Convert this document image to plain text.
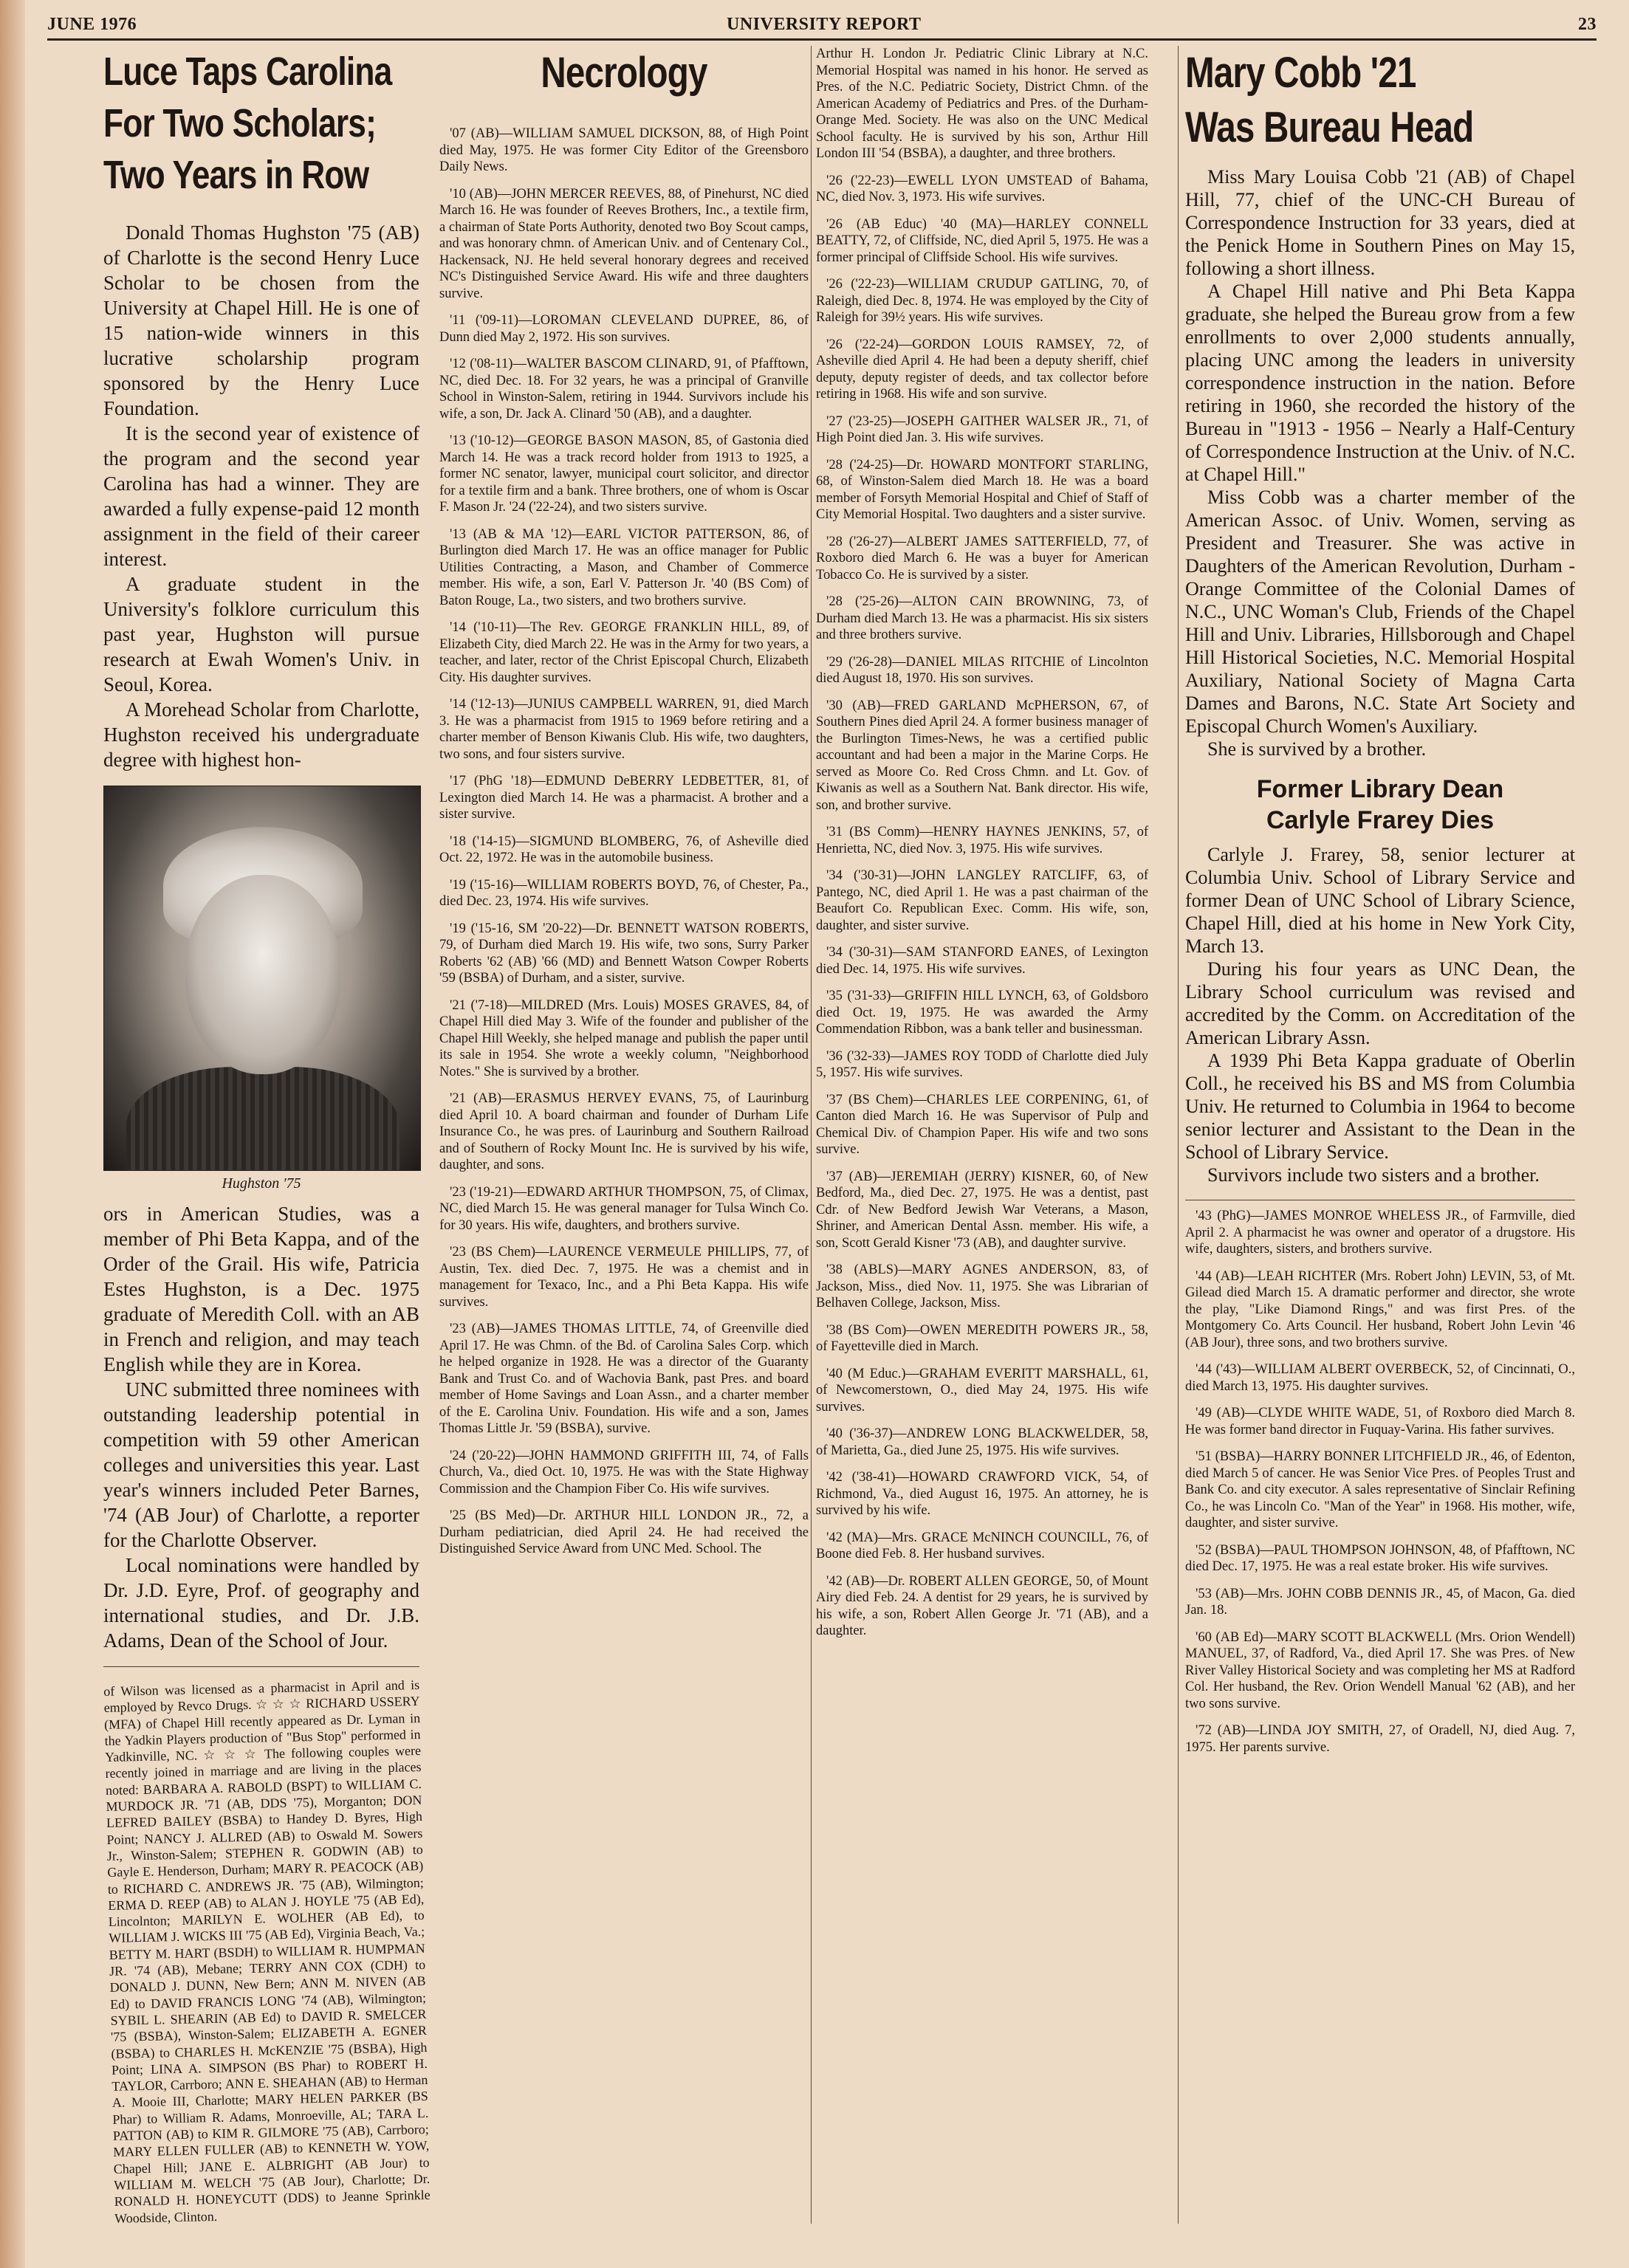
JUNE 1976	UNIVERSITY REPORT	23
Luce Taps Carolina
For Two Scholars;
Two Years in Row

Donald Thomas Hughston '75 (AB) of Charlotte is the second Henry Luce Scholar to be chosen from the University at Chapel Hill. He is one of 15 nation-wide winners in this lucrative scholarship program sponsored by the Henry Luce Foundation.

It is the second year of existence of the program and the second year Carolina has had a winner. They are awarded a fully expense-paid 12 month assignment in the field of their career interest.

A graduate student in the University's folklore curriculum this past year, Hughston will pursue research at Ewah Women's Univ. in Seoul, Korea.

A Morehead Scholar from Charlotte, Hughston received his undergraduate degree with highest hon-

Hughston '75

ors in American Studies, was a member of Phi Beta Kappa, and of the Order of the Grail. His wife, Patricia Estes Hughston, is a Dec. 1975 graduate of Meredith Coll. with an AB in French and religion, and may teach English while they are in Korea.

UNC submitted three nominees with outstanding leadership potential in competition with 59 other American colleges and universities this year. Last year's winners included Peter Barnes, '74 (AB Jour) of Charlotte, a reporter for the Charlotte Observer.

Local nominations were handled by Dr. J.D. Eyre, Prof. of geography and international studies, and Dr. J.B. Adams, Dean of the School of Jour.

of Wilson was licensed as a pharmacist in April and is employed by Revco Drugs. ☆ ☆ ☆ RICHARD USSERY (MFA) of Chapel Hill recently appeared as Dr. Lyman in the Yadkin Players production of "Bus Stop" performed in Yadkinville, NC. ☆ ☆ ☆ The following couples were recently joined in marriage and are living in the places noted: BARBARA A. RABOLD (BSPT) to WILLIAM C. MURDOCK JR. '71 (AB, DDS '75), Morganton; DON LEFRED BAILEY (BSBA) to Handey D. Byres, High Point; NANCY J. ALLRED (AB) to Oswald M. Sowers Jr., Winston-Salem; STEPHEN R. GODWIN (AB) to Gayle E. Henderson, Durham; MARY R. PEACOCK (AB) to RICHARD C. ANDREWS JR. '75 (AB), Wilmington; ERMA D. REEP (AB) to ALAN J. HOYLE '75 (AB Ed), Lincolnton; MARILYN E. WOLHER (AB Ed), to WILLIAM J. WICKS III '75 (AB Ed), Virginia Beach, Va.; BETTY M. HART (BSDH) to WILLIAM R. HUMPMAN JR. '74 (AB), Mebane; TERRY ANN COX (CDH) to DONALD J. DUNN, New Bern; ANN M. NIVEN (AB Ed) to DAVID FRANCIS LONG '74 (AB), Wilmington; SYBIL L. SHEARIN (AB Ed) to DAVID R. SMELCER '75 (BSBA), Winston-Salem; ELIZABETH A. EGNER (BSBA) to CHARLES H. McKENZIE '75 (BSBA), High Point; LINA A. SIMPSON (BS Phar) to ROBERT H. TAYLOR, Carrboro; ANN E. SHEAHAN (AB) to Herman A. Mooie III, Charlotte; MARY HELEN PARKER (BS Phar) to William R. Adams, Monroeville, AL; TARA L. PATTON (AB) to KIM R. GILMORE '75 (AB), Carrboro; MARY ELLEN FULLER (AB) to KENNETH W. YOW, Chapel Hill; JANE E. ALBRIGHT (AB Jour) to WILLIAM M. WELCH '75 (AB Jour), Charlotte; Dr. RONALD H. HONEYCUTT (DDS) to Jeanne Sprinkle Woodside, Clinton.

Necrology

'07 (AB)—WILLIAM SAMUEL DICKSON, 88, of High Point died May, 1975. He was former City Editor of the Greensboro Daily News.

'10 (AB)—JOHN MERCER REEVES, 88, of Pinehurst, NC died March 16. He was founder of Reeves Brothers, Inc., a textile firm, a chairman of State Ports Authority, denoted two Boy Scout camps, and was honorary chmn. of American Univ. and of Centenary Col., Hackensack, NJ. He held several honorary degrees and received NC's Distinguished Service Award. His wife and three daughters survive.

'11 ('09-11)—LOROMAN CLEVELAND DUPREE, 86, of Dunn died May 2, 1972. His son survives.

'12 ('08-11)—WALTER BASCOM CLINARD, 91, of Pfafftown, NC, died Dec. 18. For 32 years, he was a principal of Granville School in Winston-Salem, retiring in 1944. Survivors include his wife, a son, Dr. Jack A. Clinard '50 (AB), and a daughter.

'13 ('10-12)—GEORGE BASON MASON, 85, of Gastonia died March 14. He was a track record holder from 1913 to 1925, a former NC senator, lawyer, municipal court solicitor, and director for a textile firm and a bank. Three brothers, one of whom is Oscar F. Mason Jr. '24 ('22-24), and two sisters survive.

'13 (AB & MA '12)—EARL VICTOR PATTERSON, 86, of Burlington died March 17. He was an office manager for Public Utilities Contracting, a Mason, and Chamber of Commerce member. His wife, a son, Earl V. Patterson Jr. '40 (BS Com) of Baton Rouge, La., two sisters, and two brothers survive.

'14 ('10-11)—The Rev. GEORGE FRANKLIN HILL, 89, of Elizabeth City, died March 22. He was in the Army for two years, a teacher, and later, rector of the Christ Episcopal Church, Elizabeth City. His daughter survives.

'14 ('12-13)—JUNIUS CAMPBELL WARREN, 91, died March 3. He was a pharmacist from 1915 to 1969 before retiring and a charter member of Benson Kiwanis Club. His wife, two daughters, two sons, and four sisters survive.

'17 (PhG '18)—EDMUND DeBERRY LEDBETTER, 81, of Lexington died March 14. He was a pharmacist. A brother and a sister survive.

'18 ('14-15)—SIGMUND BLOMBERG, 76, of Asheville died Oct. 22, 1972. He was in the automobile business.

'19 ('15-16)—WILLIAM ROBERTS BOYD, 76, of Chester, Pa., died Dec. 23, 1974. His wife survives.

'19 ('15-16, SM '20-22)—Dr. BENNETT WATSON ROBERTS, 79, of Durham died March 19. His wife, two sons, Surry Parker Roberts '62 (AB) '66 (MD) and Bennett Watson Cowper Roberts '59 (BSBA) of Durham, and a sister, survive.

'21 ('7-18)—MILDRED (Mrs. Louis) MOSES GRAVES, 84, of Chapel Hill died May 3. Wife of the founder and publisher of the Chapel Hill Weekly, she helped manage and publish the paper until its sale in 1954. She wrote a weekly column, "Neighborhood Notes." She is survived by a brother.

'21 (AB)—ERASMUS HERVEY EVANS, 75, of Laurinburg died April 10. A board chairman and founder of Durham Life Insurance Co., he was pres. of Laurinburg and Southern Railroad and of Southern of Rocky Mount Inc. He is survived by his wife, daughter, and sons.

'23 ('19-21)—EDWARD ARTHUR THOMPSON, 75, of Climax, NC, died March 15. He was general manager for Tulsa Winch Co. for 30 years. His wife, daughters, and brothers survive.

'23 (BS Chem)—LAURENCE VERMEULE PHILLIPS, 77, of Austin, Tex. died Dec. 7, 1975. He was a chemist and in management for Texaco, Inc., and a Phi Beta Kappa. His wife survives.

'23 (AB)—JAMES THOMAS LITTLE, 74, of Greenville died April 17. He was Chmn. of the Bd. of Carolina Sales Corp. which he helped organize in 1928. He was a director of the Guaranty Bank and Trust Co. and of Wachovia Bank, past Pres. and board member of Home Savings and Loan Assn., and a charter member of the E. Carolina Univ. Foundation. His wife and a son, James Thomas Little Jr. '59 (BSBA), survive.

'24 ('20-22)—JOHN HAMMOND GRIFFITH III, 74, of Falls Church, Va., died Oct. 10, 1975. He was with the State Highway Commission and the Champion Fiber Co. His wife survives.

'25 (BS Med)—Dr. ARTHUR HILL LONDON JR., 72, a Durham pediatrician, died April 24. He had received the Distinguished Service Award from UNC Med. School. The

Arthur H. London Jr. Pediatric Clinic Library at N.C. Memorial Hospital was named in his honor. He served as Pres. of the N.C. Pediatric Society, District Chmn. of the American Academy of Pediatrics and Pres. of the Durham-Orange Med. Society. He was also on the UNC Medical School faculty. He is survived by his son, Arthur Hill London III '54 (BSBA), a daughter, and three brothers.

'26 ('22-23)—EWELL LYON UMSTEAD of Bahama, NC, died Nov. 3, 1973. His wife survives.

'26 (AB Educ) '40 (MA)—HARLEY CONNELL BEATTY, 72, of Cliffside, NC, died April 5, 1975. He was a former principal of Cliffside School. His wife survives.

'26 ('22-23)—WILLIAM CRUDUP GATLING, 70, of Raleigh, died Dec. 8, 1974. He was employed by the City of Raleigh for 39½ years. His wife survives.

'26 ('22-24)—GORDON LOUIS RAMSEY, 72, of Asheville died April 4. He had been a deputy sheriff, chief deputy, deputy register of deeds, and tax collector before retiring in 1968. His wife and son survive.

'27 ('23-25)—JOSEPH GAITHER WALSER JR., 71, of High Point died Jan. 3. His wife survives.

'28 ('24-25)—Dr. HOWARD MONTFORT STARLING, 68, of Winston-Salem died March 18. He was a board member of Forsyth Memorial Hospital and Chief of Staff of City Memorial Hospital. Two daughters and a sister survive.

'28 ('26-27)—ALBERT JAMES SATTERFIELD, 77, of Roxboro died March 6. He was a buyer for American Tobacco Co. He is survived by a sister.

'28 ('25-26)—ALTON CAIN BROWNING, 73, of Durham died March 13. He was a pharmacist. His six sisters and three brothers survive.

'29 ('26-28)—DANIEL MILAS RITCHIE of Lincolnton died August 18, 1970. His son survives.

'30 (AB)—FRED GARLAND McPHERSON, 67, of Southern Pines died April 24. A former business manager of the Burlington Times-News, he was a certified public accountant and had been a major in the Marine Corps. He served as Moore Co. Red Cross Chmn. and Lt. Gov. of Kiwanis as well as a Southern Nat. Bank director. His wife, son, and brother survive.

'31 (BS Comm)—HENRY HAYNES JENKINS, 57, of Henrietta, NC, died Nov. 3, 1975. His wife survives.

'34 ('30-31)—JOHN LANGLEY RATCLIFF, 63, of Pantego, NC, died April 1. He was a past chairman of the Beaufort Co. Republican Exec. Comm. His wife, son, daughter, and sister survive.

'34 ('30-31)—SAM STANFORD EANES, of Lexington died Dec. 14, 1975. His wife survives.

'35 ('31-33)—GRIFFIN HILL LYNCH, 63, of Goldsboro died Oct. 19, 1975. He was awarded the Army Commendation Ribbon, was a bank teller and businessman.

'36 ('32-33)—JAMES ROY TODD of Charlotte died July 5, 1957. His wife survives.

'37 (BS Chem)—CHARLES LEE CORPENING, 61, of Canton died March 16. He was Supervisor of Pulp and Chemical Div. of Champion Paper. His wife and two sons survive.

'37 (AB)—JEREMIAH (JERRY) KISNER, 60, of New Bedford, Ma., died Dec. 27, 1975. He was a dentist, past Cdr. of New Bedford Jewish War Veterans, a Mason, Shriner, and American Dental Assn. member. His wife, a son, Scott Gerald Kisner '73 (AB), and daughter survive.

'38 (ABLS)—MARY AGNES ANDERSON, 83, of Jackson, Miss., died Nov. 11, 1975. She was Librarian of Belhaven College, Jackson, Miss.

'38 (BS Com)—OWEN MEREDITH POWERS JR., 58, of Fayetteville died in March.

'40 (M Educ.)—GRAHAM EVERITT MARSHALL, 61, of Newcomerstown, O., died May 24, 1975. His wife survives.

'40 ('36-37)—ANDREW LONG BLACKWELDER, 58, of Marietta, Ga., died June 25, 1975. His wife survives.

'42 ('38-41)—HOWARD CRAWFORD VICK, 54, of Richmond, Va., died August 16, 1975. An attorney, he is survived by his wife.

'42 (MA)—Mrs. GRACE McNINCH COUNCILL, 76, of Boone died Feb. 8. Her husband survives.

'42 (AB)—Dr. ROBERT ALLEN GEORGE, 50, of Mount Airy died Feb. 24. A dentist for 29 years, he is survived by his wife, a son, Robert Allen George Jr. '71 (AB), and a daughter.

Mary Cobb '21
Was Bureau Head

Miss Mary Louisa Cobb '21 (AB) of Chapel Hill, 77, chief of the UNC-CH Bureau of Correspondence Instruction for 33 years, died at the Penick Home in Southern Pines on May 15, following a short illness.

A Chapel Hill native and Phi Beta Kappa graduate, she helped the Bureau grow from a few enrollments to over 2,000 students annually, placing UNC among the leaders in university correspondence instruction in the nation. Before retiring in 1960, she recorded the history of the Bureau in "1913 - 1956 – Nearly a Half-Century of Correspondence Instruction at the Univ. of N.C. at Chapel Hill."

Miss Cobb was a charter member of the American Assoc. of Univ. Women, serving as President and Treasurer. She was active in Daughters of the American Revolution, Durham - Orange Committee of the Colonial Dames of N.C., UNC Woman's Club, Friends of the Chapel Hill and Univ. Libraries, Hillsborough and Chapel Hill Historical Societies, N.C. Memorial Hospital Auxiliary, National Society of Magna Carta Dames and Barons, N.C. State Art Society and Episcopal Church Women's Auxiliary.

She is survived by a brother.

Former Library Dean
Carlyle Frarey Dies

Carlyle J. Frarey, 58, senior lecturer at Columbia Univ. School of Library Service and former Dean of UNC School of Library Science, Chapel Hill, died at his home in New York City, March 13.

During his four years as UNC Dean, the Library School curriculum was revised and accredited by the Comm. on Accreditation of the American Library Assn.

A 1939 Phi Beta Kappa graduate of Oberlin Coll., he received his BS and MS from Columbia Univ. He returned to Columbia in 1964 to become senior lecturer and Assistant to the Dean in the School of Library Service.

Survivors include two sisters and a brother.

'43 (PhG)—JAMES MONROE WHELESS JR., of Farmville, died April 2. A pharmacist he was owner and operator of a drugstore. His wife, daughters, sisters, and brothers survive.

'44 (AB)—LEAH RICHTER (Mrs. Robert John) LEVIN, 53, of Mt. Gilead died March 15. A dramatic performer and director, she wrote the play, "Like Diamond Rings," and was first Pres. of the Montgomery Co. Arts Council. Her husband, Robert John Levin '46 (AB Jour), three sons, and two brothers survive.

'44 ('43)—WILLIAM ALBERT OVERBECK, 52, of Cincinnati, O., died March 13, 1975. His daughter survives.

'49 (AB)—CLYDE WHITE WADE, 51, of Roxboro died March 8. He was former band director in Fuquay-Varina. His father survives.

'51 (BSBA)—HARRY BONNER LITCHFIELD JR., 46, of Edenton, died March 5 of cancer. He was Senior Vice Pres. of Peoples Trust and Bank Co. and city executor. A sales representative of Sinclair Refining Co., he was Lincoln Co. "Man of the Year" in 1968. His mother, wife, daughter, and sister survive.

'52 (BSBA)—PAUL THOMPSON JOHNSON, 48, of Pfafftown, NC died Dec. 17, 1975. He was a real estate broker. His wife survives.

'53 (AB)—Mrs. JOHN COBB DENNIS JR., 45, of Macon, Ga. died Jan. 18.

'60 (AB Ed)—MARY SCOTT BLACKWELL (Mrs. Orion Wendell) MANUEL, 37, of Radford, Va., died April 17. She was Pres. of New River Valley Historical Society and was completing her MS at Radford Col. Her husband, the Rev. Orion Wendell Manual '62 (AB), and her two sons survive.

'72 (AB)—LINDA JOY SMITH, 27, of Oradell, NJ, died Aug. 7, 1975. Her parents survive.
